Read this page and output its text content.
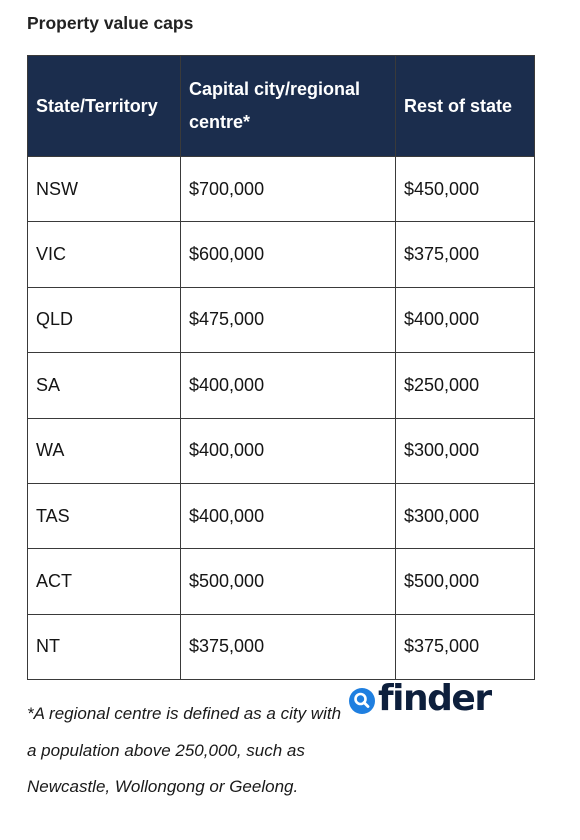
Property value caps
State/Territory	Capital city/regional centre*	Rest of state
NSW	$700,000	$450,000
VIC	$600,000	$375,000
QLD	$475,000	$400,000
SA	$400,000	$250,000
WA	$400,000	$300,000
TAS	$400,000	$300,000
ACT	$500,000	$500,000
NT	$375,000	$375,000
*A regional centre is defined as a city with a population above 250,000, such as Newcastle, Wollongong or Geelong.
finder
